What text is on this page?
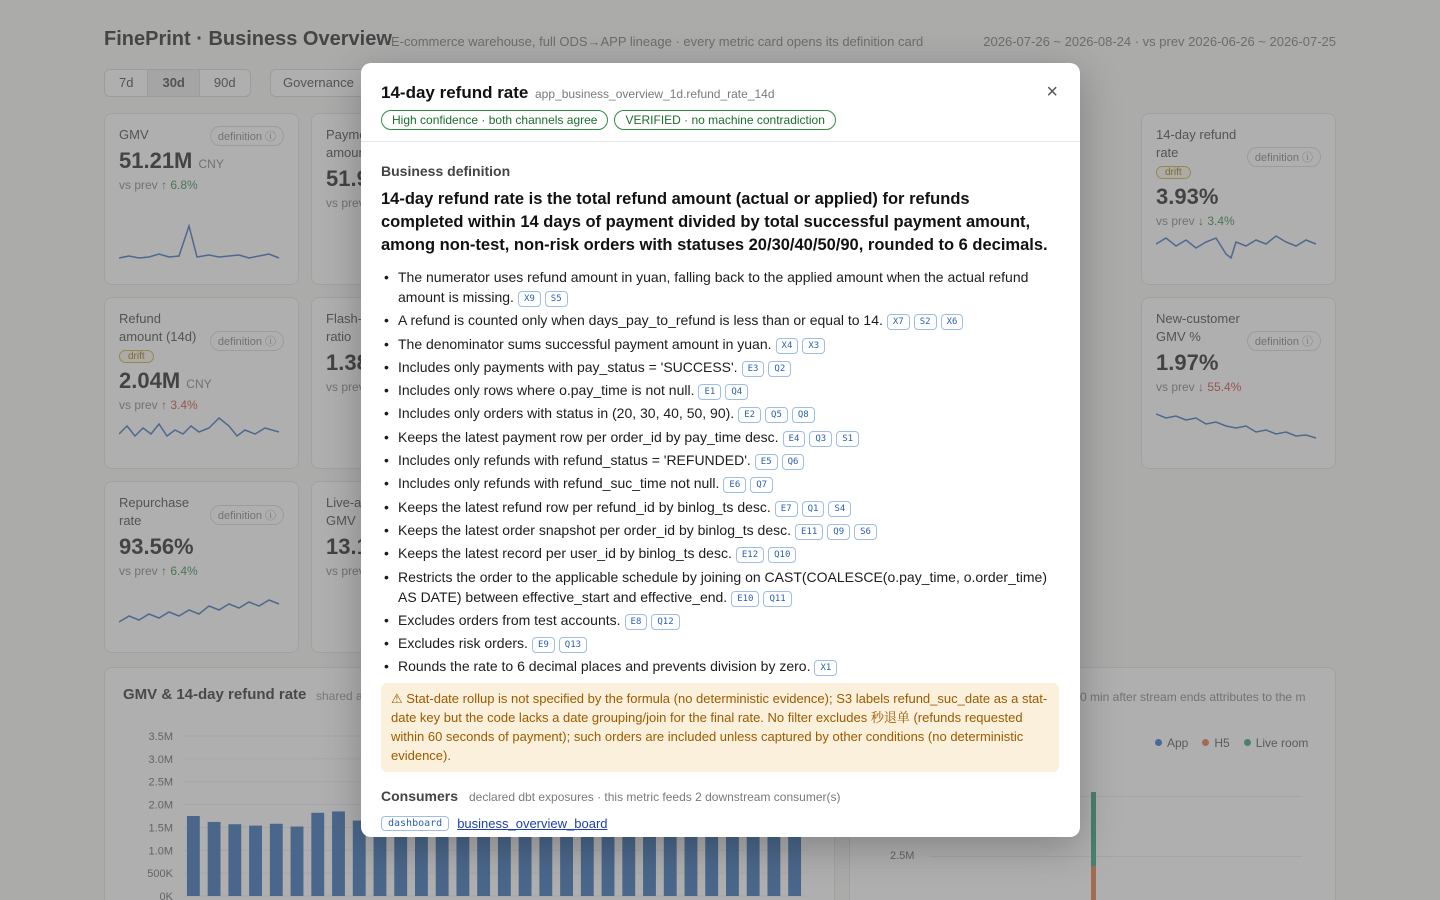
14-day refund rate app_business_overview_1d.refund_rate_14d	×
High confidence · both channels agree	VERIFIED · no machine contradiction
Business definition
14-day refund rate is the total refund amount (actual or applied) for refunds completed within 14 days of payment divided by total successful payment amount, among non-test, non-risk orders with statuses 20/30/40/50/90, rounded to 6 decimals.
• The numerator uses refund amount in yuan, falling back to the applied amount when the actual refund amount is missing. X9 S5
• A refund is counted only when days_pay_to_refund is less than or equal to 14. X7 S2 X6
• The denominator sums successful payment amount in yuan. X4 X3
• Includes only payments with pay_status = 'SUCCESS'. E3 Q2
• Includes only rows where o.pay_time is not null. E1 Q4
• Includes only orders with status in (20, 30, 40, 50, 90). E2 Q5 Q8
• Keeps the latest payment row per order_id by pay_time desc. E4 Q3 S1
• Includes only refunds with refund_status = 'REFUNDED'. E5 Q6
• Includes only refunds with refund_suc_time not null. E6 Q7
• Keeps the latest refund row per refund_id by binlog_ts desc. E7 Q1 S4
• Keeps the latest order snapshot per order_id by binlog_ts desc. E11 Q9 S6
• Keeps the latest record per user_id by binlog_ts desc. E12 Q10
• Restricts the order to the applicable schedule by joining on CAST(COALESCE(o.pay_time, o.order_time) AS DATE) between effective_start and effective_end. E10 Q11
• Excludes orders from test accounts. E8 Q12
• Excludes risk orders. E9 Q13
• Rounds the rate to 6 decimal places and prevents division by zero. X1
⚠ Stat-date rollup is not specified by the formula (no deterministic evidence); S3 labels refund_suc_date as a stat-date key but the code lacks a date grouping/join for the final rate. No filter excludes 秒退单 (refunds requested within 60 seconds of payment); such orders are included unless captured by other conditions (no deterministic evidence).
Consumers declared dbt exposures · this metric feeds 2 downstream consumer(s)
dashboard	business_overview_board
